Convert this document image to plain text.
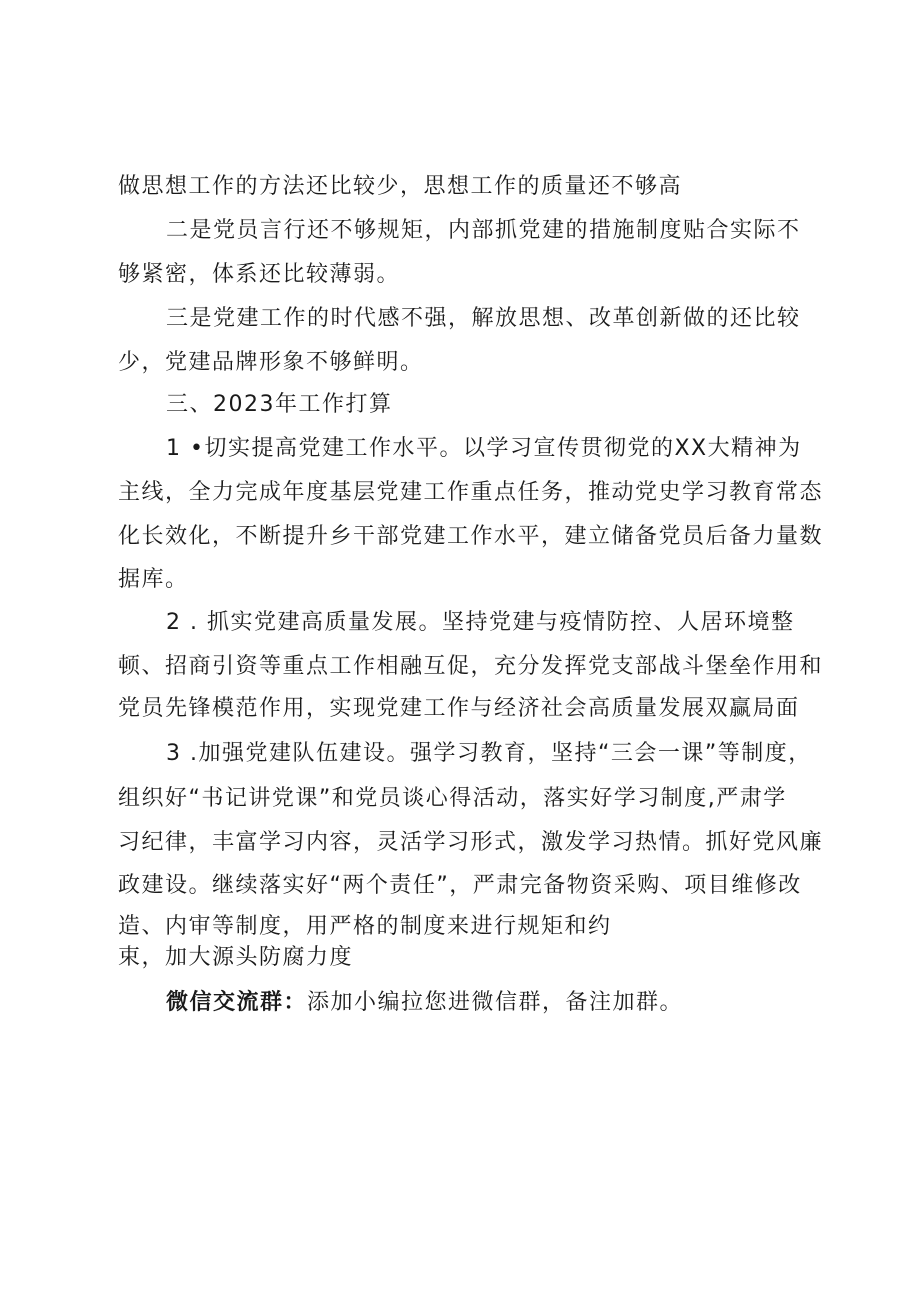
做思想工作的方法还比较少，思想工作的质量还不够高
二是党员言行还不够规矩，内部抓党建的措施制度贴合实际不
够紧密，体系还比较薄弱。
三是党建工作的时代感不强，解放思想、改革创新做的还比较
少，党建品牌形象不够鲜明。
三、2023年工作打算
1 •切实提高党建工作水平。以学习宣传贯彻党的XX大精神为
主线，全力完成年度基层党建工作重点任务，推动党史学习教育常态
化长效化，不断提升乡干部党建工作水平，建立储备党员后备力量数
据库。
2 . 抓实党建高质量发展。坚持党建与疫情防控、人居环境整
顿、招商引资等重点工作相融互促，充分发挥党支部战斗堡垒作用和
党员先锋模范作用，实现党建工作与经济社会高质量发展双赢局面
3 .加强党建队伍建设。强学习教育，坚持“三会一课”等制度，
组织好“书记讲党课”和党员谈心得活动，落实好学习制度,严肃学
习纪律，丰富学习内容，灵活学习形式，激发学习热情。抓好党风廉
政建设。继续落实好“两个责任”，严肃完备物资采购、项目维修改
造、内审等制度，用严格的制度来进行规矩和约
束，加大源头防腐力度
微信交流群：添加小编拉您进微信群，备注加群。
